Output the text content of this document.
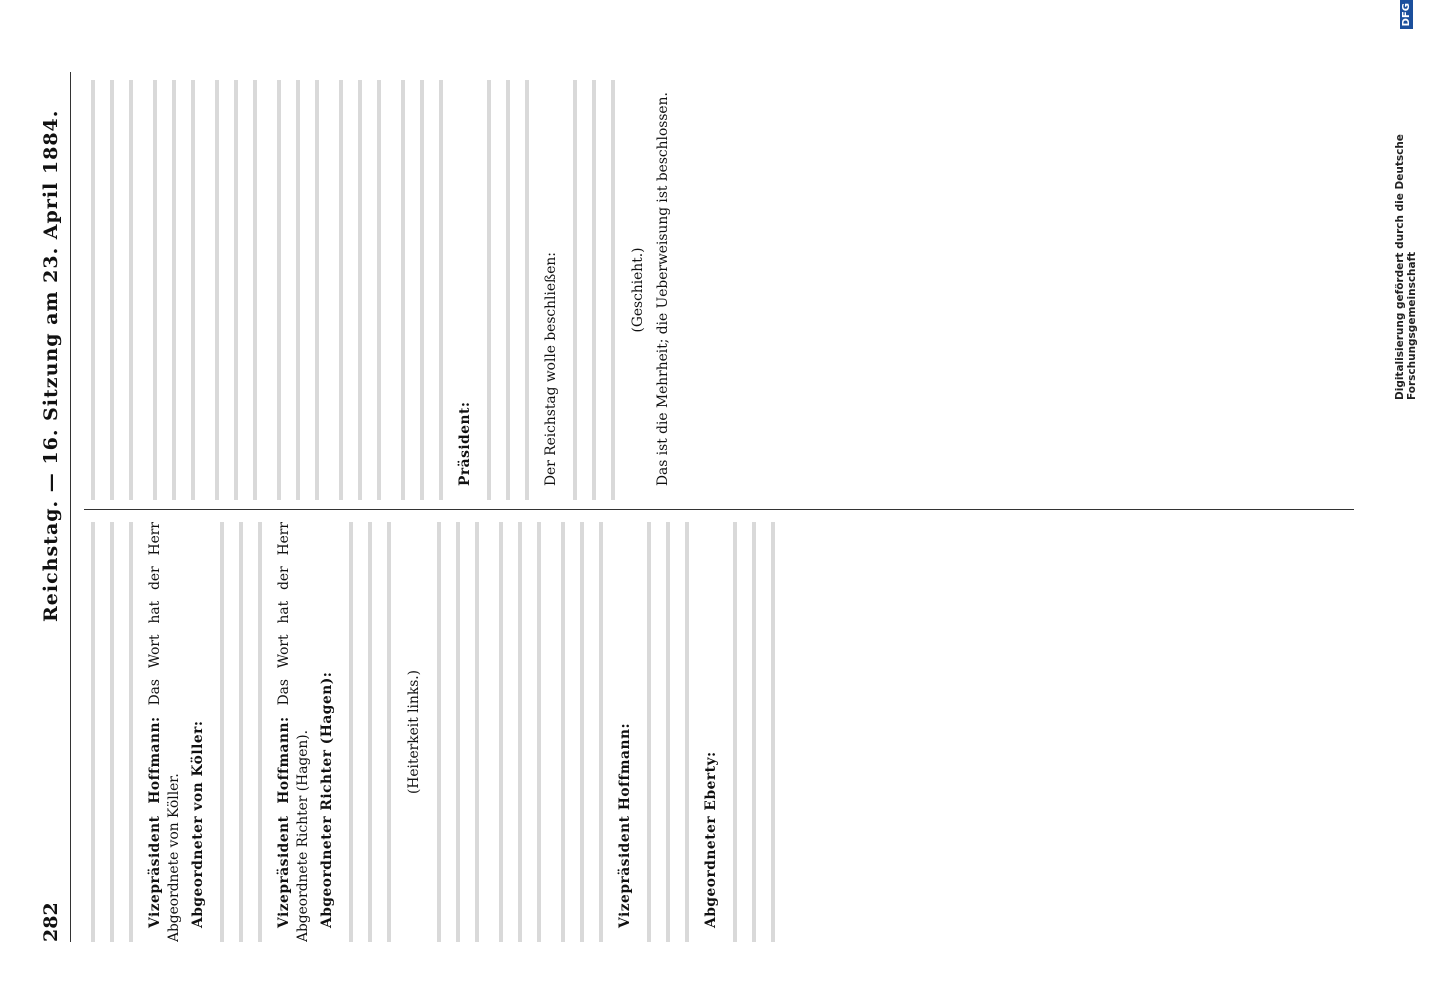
282
Reichstag. — 16. Sitzung am 23. April 1884.

Vizepräsident Hoffmann: Das Wort hat der Herr Abgeordnete von Köller. Abgeordneter von Köller:	Vizepräsident Hoffmann: Das Wort hat der Herr Abgeordnete Richter (Hagen). Abgeordneter Richter (Hagen):	(Heiterkeit links.)	Vizepräsident Hoffmann:	Abgeordneter Eberty:

Präsident:	Der Reichstag wolle beschließen:	(Geschieht.) Das ist die Mehrheit; die Ueberweisung ist beschlossen.	Digitalisierung gefördert durch die Deutsche Forschungsgemeinschaft
DFG
